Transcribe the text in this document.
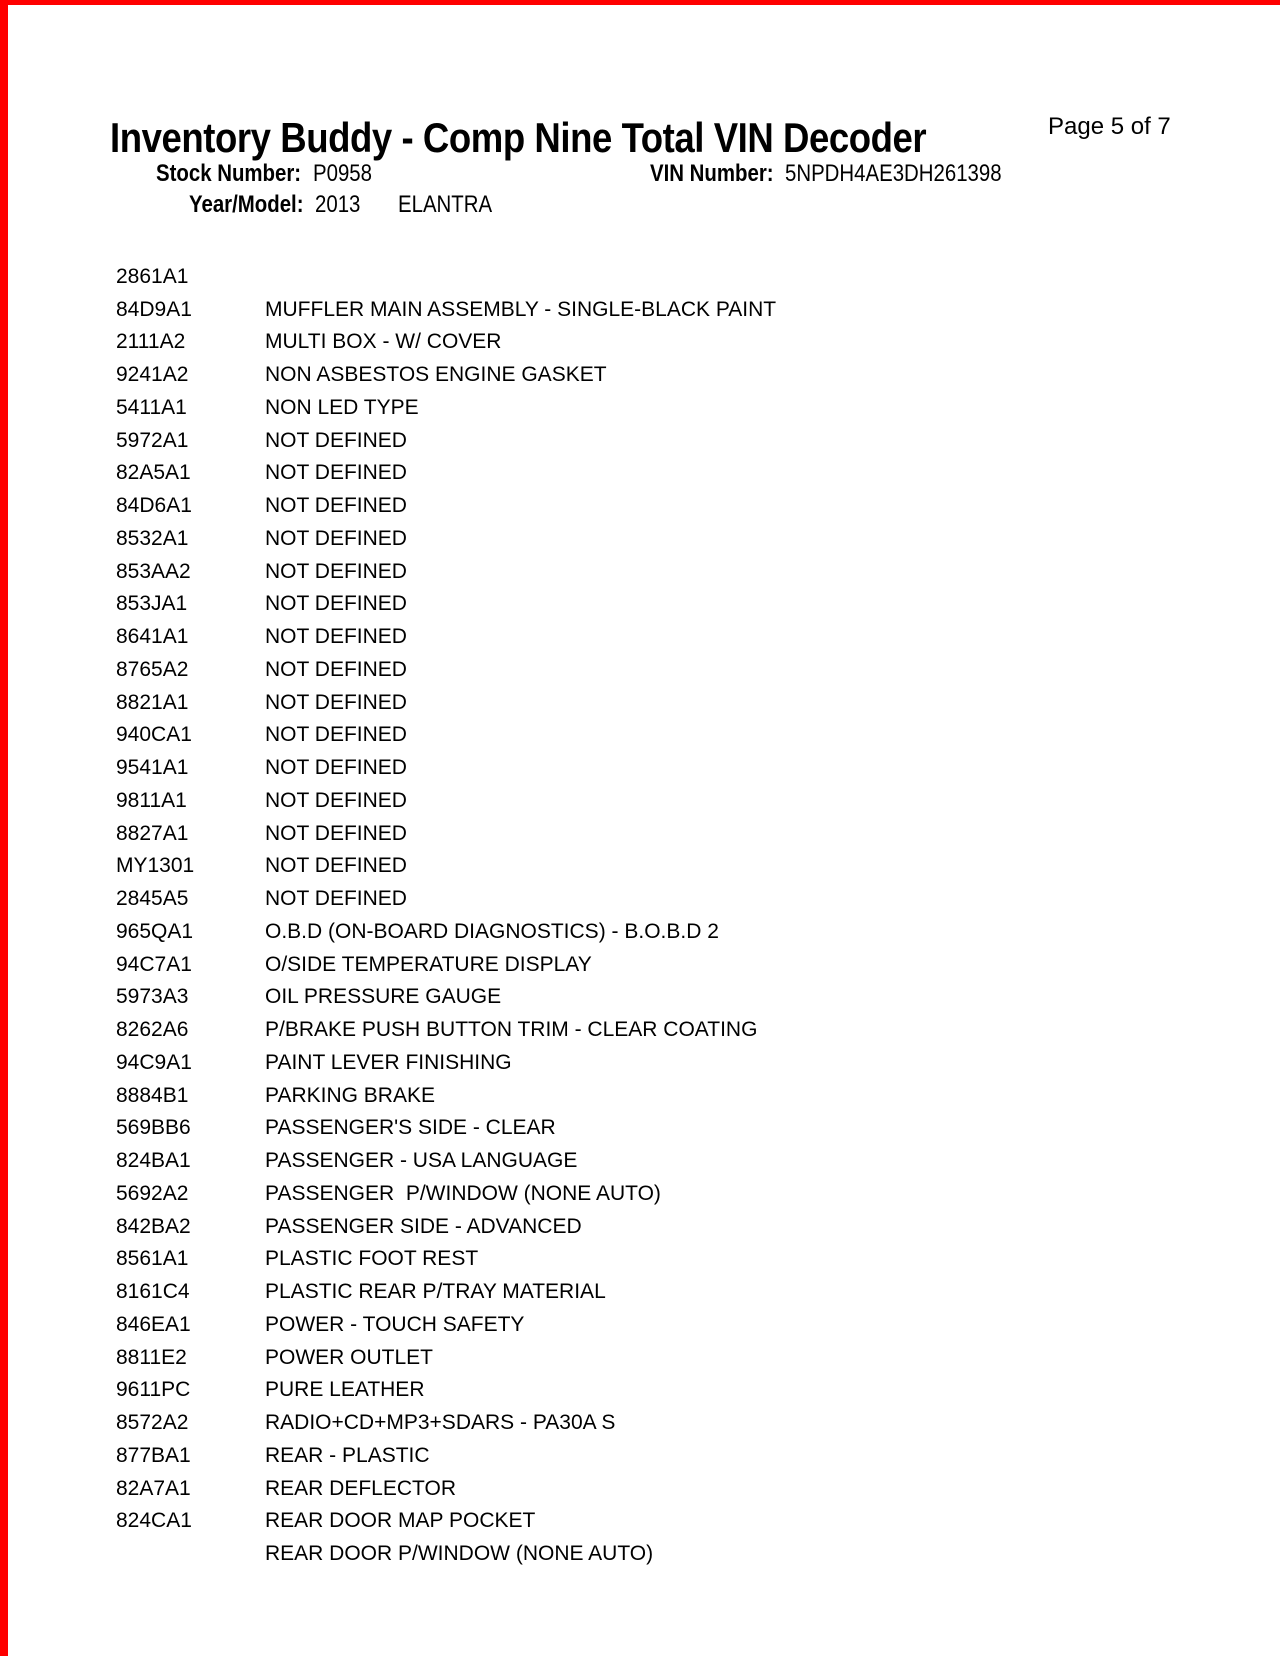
Inventory Buddy - Comp Nine Total VIN Decoder	Page 5 of 7
Stock Number: P0958	VIN Number: 5NPDH4AE3DH261398
Year/Model: 2013 ELANTRA

2861A1

MUFFLER MAIN ASSEMBLY - SINGLE-BLACK PAINT

84D9A1

MULTI BOX - W/ COVER

2111A2

NON ASBESTOS ENGINE GASKET

9241A2

NON LED TYPE

5411A1

NOT DEFINED

5972A1

NOT DEFINED

82A5A1

NOT DEFINED

84D6A1

NOT DEFINED

8532A1

NOT DEFINED

853AA2

NOT DEFINED

853JA1

NOT DEFINED

8641A1

NOT DEFINED

8765A2

NOT DEFINED

8821A1

NOT DEFINED

940CA1

NOT DEFINED

9541A1

NOT DEFINED

9811A1

NOT DEFINED

8827A1

NOT DEFINED

MY1301

NOT DEFINED

2845A5

O.B.D (ON-BOARD DIAGNOSTICS) - B.O.B.D 2

965QA1

O/SIDE TEMPERATURE DISPLAY

94C7A1

OIL PRESSURE GAUGE

5973A3

P/BRAKE PUSH BUTTON TRIM - CLEAR COATING

8262A6

PAINT LEVER FINISHING

94C9A1

PARKING BRAKE

8884B1

PASSENGER'S SIDE - CLEAR

569BB6

PASSENGER - USA LANGUAGE

824BA1

PASSENGER  P/WINDOW (NONE AUTO)

5692A2

PASSENGER SIDE - ADVANCED

842BA2

PLASTIC FOOT REST

8561A1

PLASTIC REAR P/TRAY MATERIAL

8161C4

POWER - TOUCH SAFETY

846EA1

POWER OUTLET

8811E2

PURE LEATHER

9611PC

RADIO+CD+MP3+SDARS - PA30A S

8572A2

REAR - PLASTIC

877BA1

REAR DEFLECTOR

82A7A1

REAR DOOR MAP POCKET

824CA1

REAR DOOR P/WINDOW (NONE AUTO)
